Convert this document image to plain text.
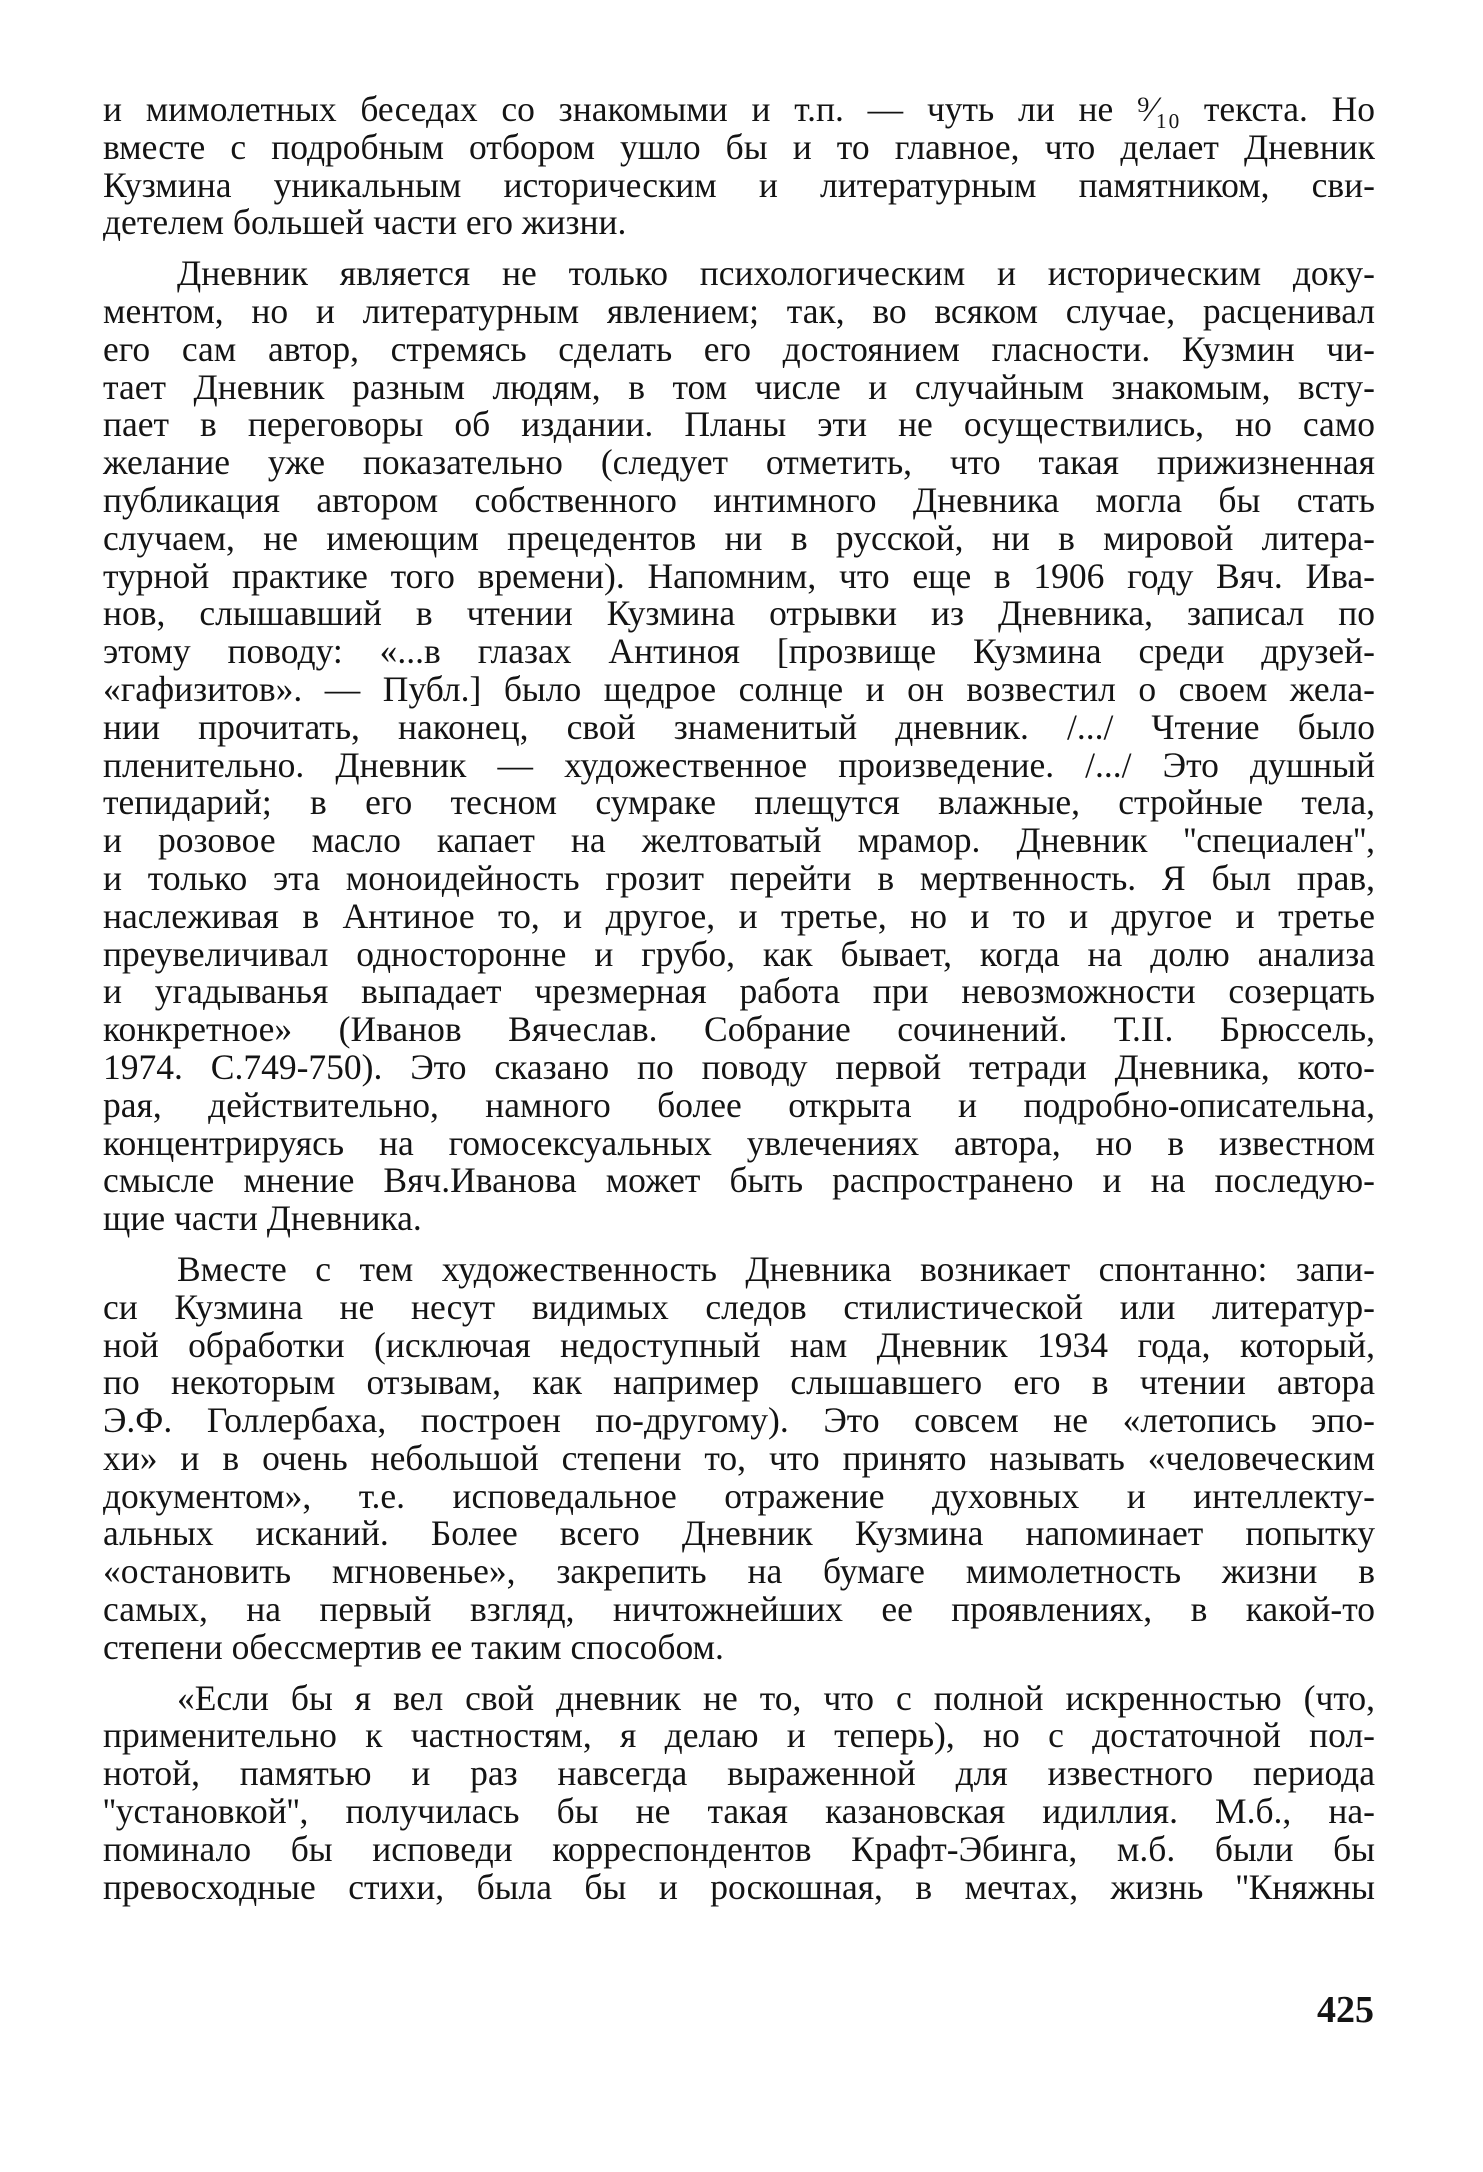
и мимолетных беседах со знакомыми и т.п. — чуть ли не ⁹⁄₁₀ текста. Но
вместе с подробным отбором ушло бы и то главное, что делает Дневник
Кузмина уникальным историческим и литературным памятником, сви-

детелем большей части его жизни.

Дневник является не только психологическим и историческим доку-
ментом, но и литературным явлением; так, во всяком случае, расценивал
его сам автор, стремясь сделать его достоянием гласности. Кузмин чи-
тает Дневник разным людям, в том числе и случайным знакомым, всту-
пает в переговоры об издании. Планы эти не осуществились, но само
желание уже показательно (следует отметить, что такая прижизненная
публикация автором собственного интимного Дневника могла бы стать
случаем, не имеющим прецедентов ни в русской, ни в мировой литера-
турной практике того времени). Напомним, что еще в 1906 году Вяч. Ива-
нов, слышавший в чтении Кузмина отрывки из Дневника, записал по
этому поводу: «...в глазах Антиноя [прозвище Кузмина среди друзей-
«гафизитов». — Публ.] было щедрое солнце и он возвестил о своем жела-
нии прочитать, наконец, свой знаменитый дневник. /.../ Чтение было
пленительно. Дневник — художественное произведение. /.../ Это душный
тепидарий; в его тесном сумраке плещутся влажные, стройные тела,
и розовое масло капает на желтоватый мрамор. Дневник ''специален'',
и только эта моноидейность грозит перейти в мертвенность. Я был прав,
наслеживая в Антиное то, и другое, и третье, но и то и другое и третье
преувеличивал односторонне и грубо, как бывает, когда на долю анализа
и угадыванья выпадает чрезмерная работа при невозможности созерцать
конкретное» (Иванов Вячеслав. Собрание сочинений. Т.II. Брюссель,
1974. С.749-750). Это сказано по поводу первой тетради Дневника, кото-
рая, действительно, намного более открыта и подробно-описательна,
концентрируясь на гомосексуальных увлечениях автора, но в известном
смысле мнение Вяч.Иванова может быть распространено и на последую-

щие части Дневника.

Вместе с тем художественность Дневника возникает спонтанно: запи-
си Кузмина не несут видимых следов стилистической или литератур-
ной обработки (исключая недоступный нам Дневник 1934 года, который,
по некоторым отзывам, как например слышавшего его в чтении автора
Э.Ф. Голлербаха, построен по-другому). Это совсем не «летопись эпо-
хи» и в очень небольшой степени то, что принято называть «человеческим
документом», т.е. исповедальное отражение духовных и интеллекту-
альных исканий. Более всего Дневник Кузмина напоминает попытку
«остановить мгновенье», закрепить на бумаге мимолетность жизни в
самых, на первый взгляд, ничтожнейших ее проявлениях, в какой-то

степени обессмертив ее таким способом.

«Если бы я вел свой дневник не то, что с полной искренностью (что,
применительно к частностям, я делаю и теперь), но с достаточной пол-
нотой, памятью и раз навсегда выраженной для известного периода
''установкой'', получилась бы не такая казановская идиллия. М.б., на-
поминало бы исповеди корреспондентов Крафт-Эбинга, м.б. были бы
превосходные стихи, была бы и роскошная, в мечтах, жизнь ''Княжны

425
